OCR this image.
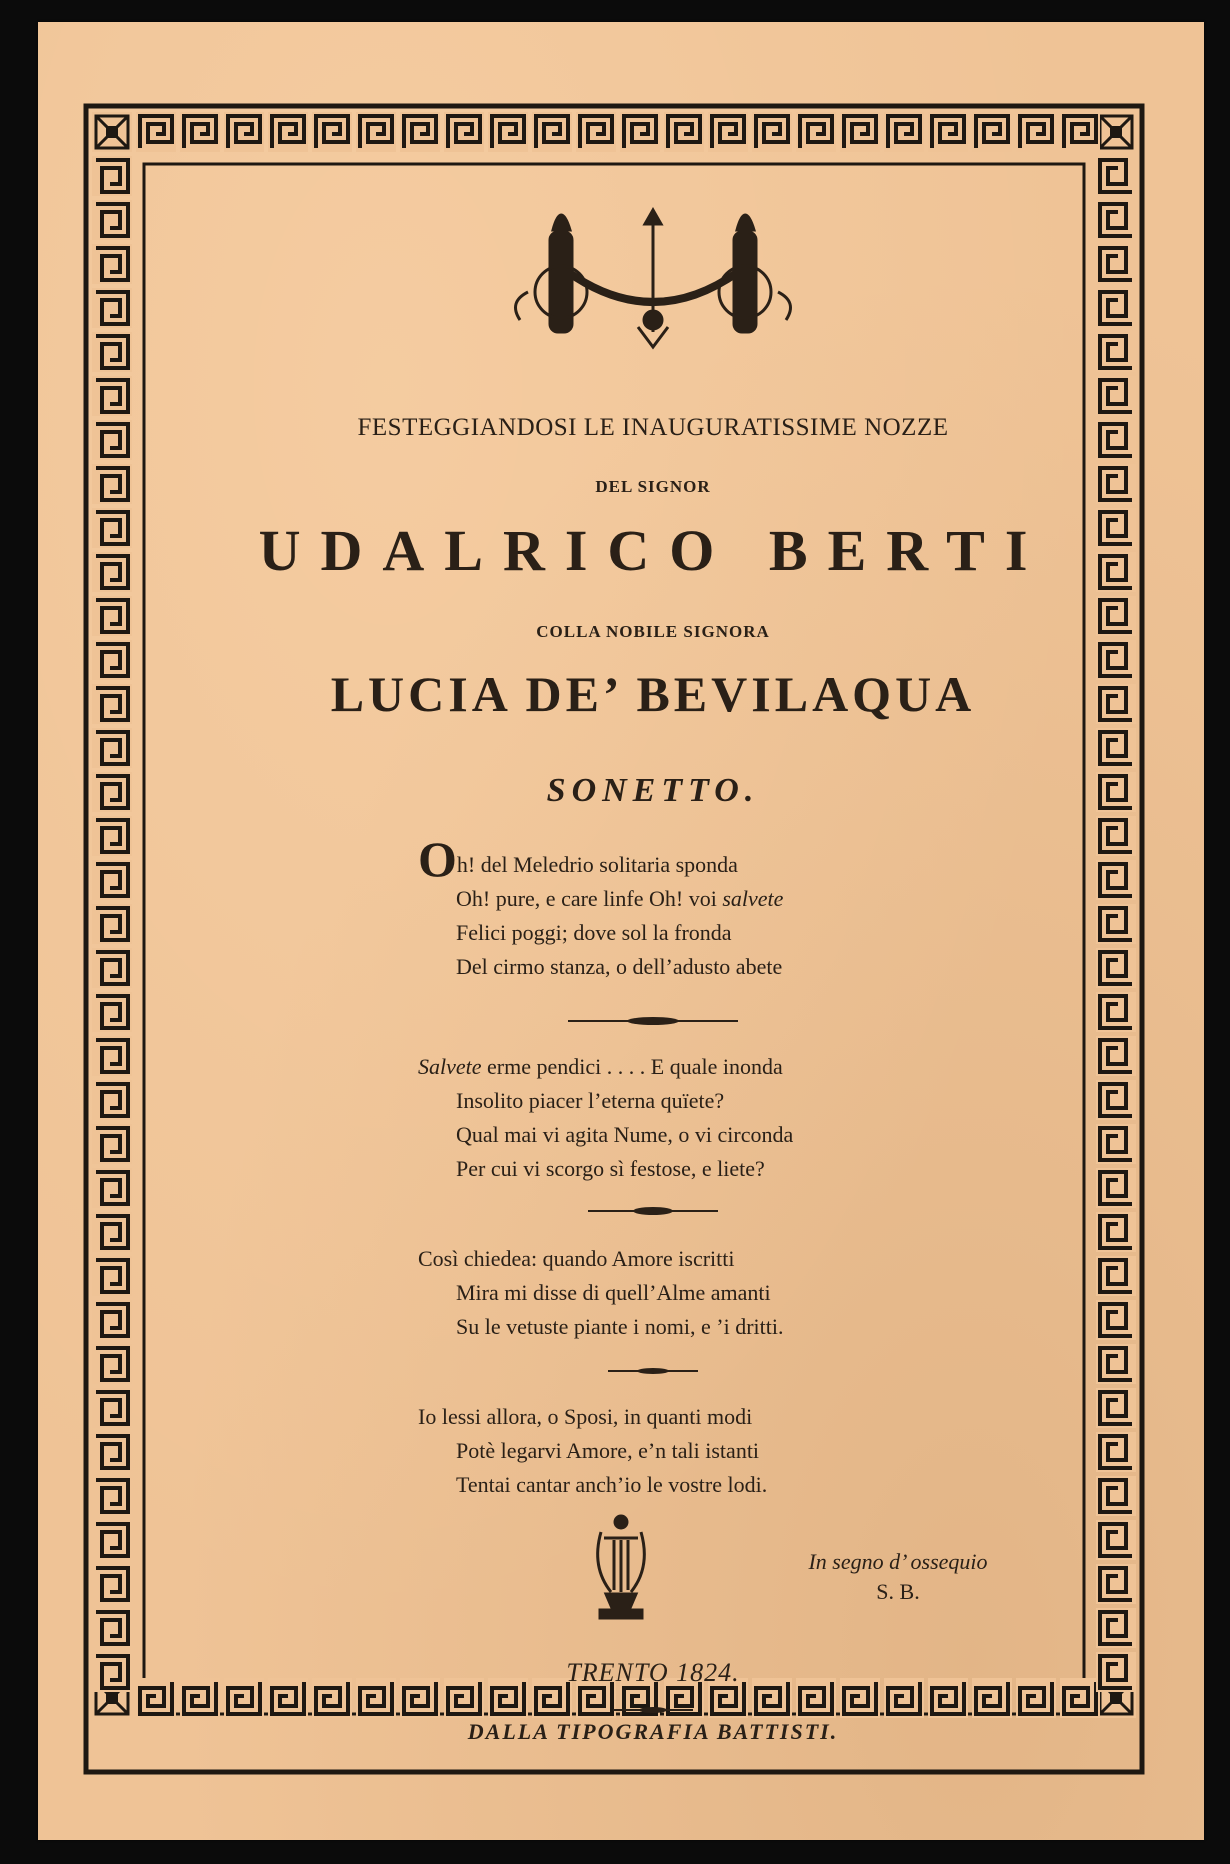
FESTEGGIANDOSI LE INAUGURATISSIME NOZZE
DEL SIGNOR
UDALRICO BERTI
COLLA NOBILE SIGNORA
LUCIA DE’ BEVILAQUA
SONETTO.
Oh! del Meledrio solitaria sponda
Oh! pure, e care linfe Oh! voi salvete
Felici poggi; dove sol la fronda
Del cirmo stanza, o dell’adusto abete
Salvete erme pendici . . . . E quale inonda
Insolito piacer l’eterna quïete?
Qual mai vi agita Nume, o vi circonda
Per cui vi scorgo sì festose, e liete?
Così chiedea: quando Amore iscritti
Mira mi disse di quell’Alme amanti
Su le vetuste piante i nomi, e ’i dritti.
Io lessi allora, o Sposi, in quanti modi
Potè legarvi Amore, e’n tali istanti
Tentai cantar anch’io le vostre lodi.
In segno d’ ossequio
S. B.
TRENTO 1824.
DALLA TIPOGRAFIA BATTISTI.
